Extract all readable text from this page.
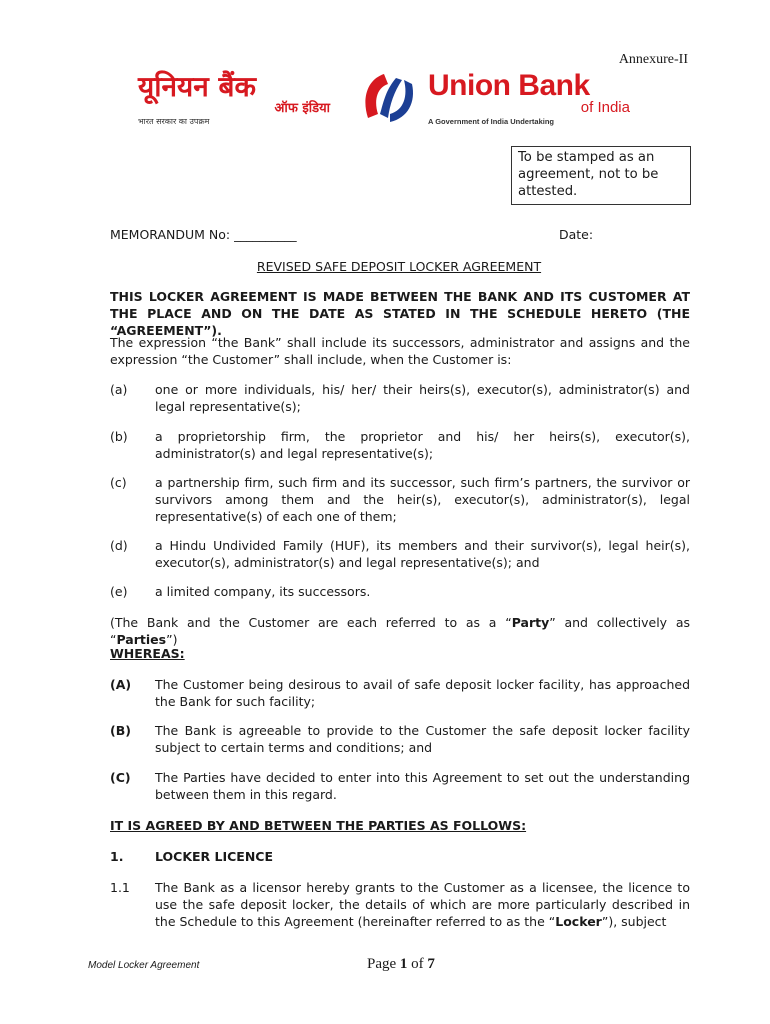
Annexure-II
यूनियन बैंक
ऑफ इंडिया
भारत सरकार का उपक्रम
Union Bank
of India
A Government of India Undertaking
To be stamped as an agreement, not to be attested.
MEMORANDUM No: __________	Date:
REVISED SAFE DEPOSIT LOCKER AGREEMENT
THIS LOCKER AGREEMENT IS MADE BETWEEN THE BANK AND ITS CUSTOMER AT THE PLACE AND ON THE DATE AS STATED IN THE SCHEDULE HERETO (THE “AGREEMENT”).
The expression “the Bank” shall include its successors, administrator and assigns and the expression “the Customer” shall include, when the Customer is:
(a) one or more individuals, his/ her/ their heirs(s), executor(s), administrator(s) and legal representative(s);
(b) a proprietorship firm, the proprietor and his/ her heirs(s), executor(s), administrator(s) and legal representative(s);
(c) a partnership firm, such firm and its successor, such firm’s partners, the survivor or survivors among them and the heir(s), executor(s), administrator(s), legal representative(s) of each one of them;
(d) a Hindu Undivided Family (HUF), its members and their survivor(s), legal heir(s), executor(s), administrator(s) and legal representative(s); and
(e) a limited company, its successors.
(The Bank and the Customer are each referred to as a “Party” and collectively as “Parties”)
WHEREAS:
(A) The Customer being desirous to avail of safe deposit locker facility, has approached the Bank for such facility;
(B) The Bank is agreeable to provide to the Customer the safe deposit locker facility subject to certain terms and conditions; and
(C) The Parties have decided to enter into this Agreement to set out the understanding between them in this regard.
IT IS AGREED BY AND BETWEEN THE PARTIES AS FOLLOWS:
1.	LOCKER LICENCE
1.1 The Bank as a licensor hereby grants to the Customer as a licensee, the licence to use the safe deposit locker, the details of which are more particularly described in the Schedule to this Agreement (hereinafter referred to as the “Locker”), subject
Model Locker Agreement	Page 1 of 7
